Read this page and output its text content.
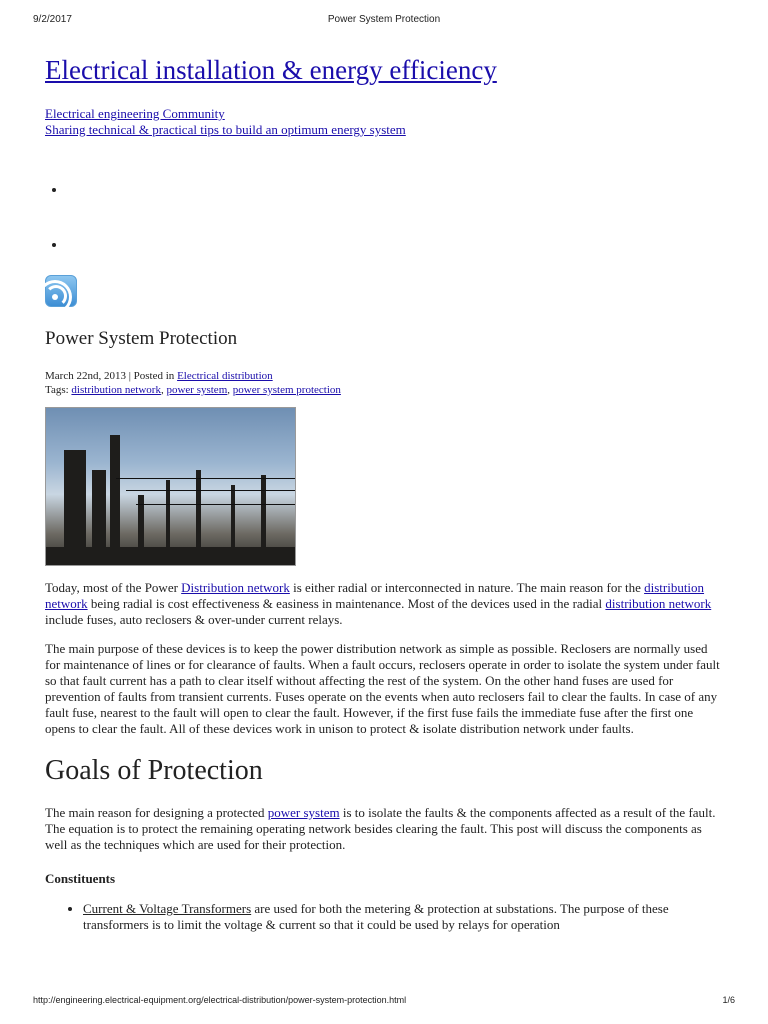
9/2/2017	Power System Protection
Electrical installation & energy efficiency
Electrical engineering Community
Sharing technical & practical tips to build an optimum energy system
•
•
Power System Protection
March 22nd, 2013 | Posted in Electrical distribution
Tags: distribution network, power system, power system protection

Today, most of the Power Distribution network is either radial or interconnected in nature. The main reason for the distribution network being radial is cost effectiveness & easiness in maintenance. Most of the devices used in the radial distribution network include fuses, auto reclosers & over-under current relays.

The main purpose of these devices is to keep the power distribution network as simple as possible. Reclosers are normally used for maintenance of lines or for clearance of faults. When a fault occurs, reclosers operate in order to isolate the system under fault so that fault current has a path to clear itself without affecting the rest of the system. On the other hand fuses are used for prevention of faults from transient currents. Fuses operate on the events when auto reclosers fail to clear the faults. In case of any fault fuse, nearest to the fault will open to clear the fault. However, if the first fuse fails the immediate fuse after the first one opens to clear the fault. All of these devices work in unison to protect & isolate distribution network under faults.

Goals of Protection

The main reason for designing a protected power system is to isolate the faults & the components affected as a result of the fault. The equation is to protect the remaining operating network besides clearing the fault. This post will discuss the components as well as the techniques which are used for their protection.

Constituents
• Current & Voltage Transformers are used for both the metering & protection at substations. The purpose of these transformers is to limit the voltage & current so that it could be used by relays for operation
http://engineering.electrical-equipment.org/electrical-distribution/power-system-protection.html	1/6
